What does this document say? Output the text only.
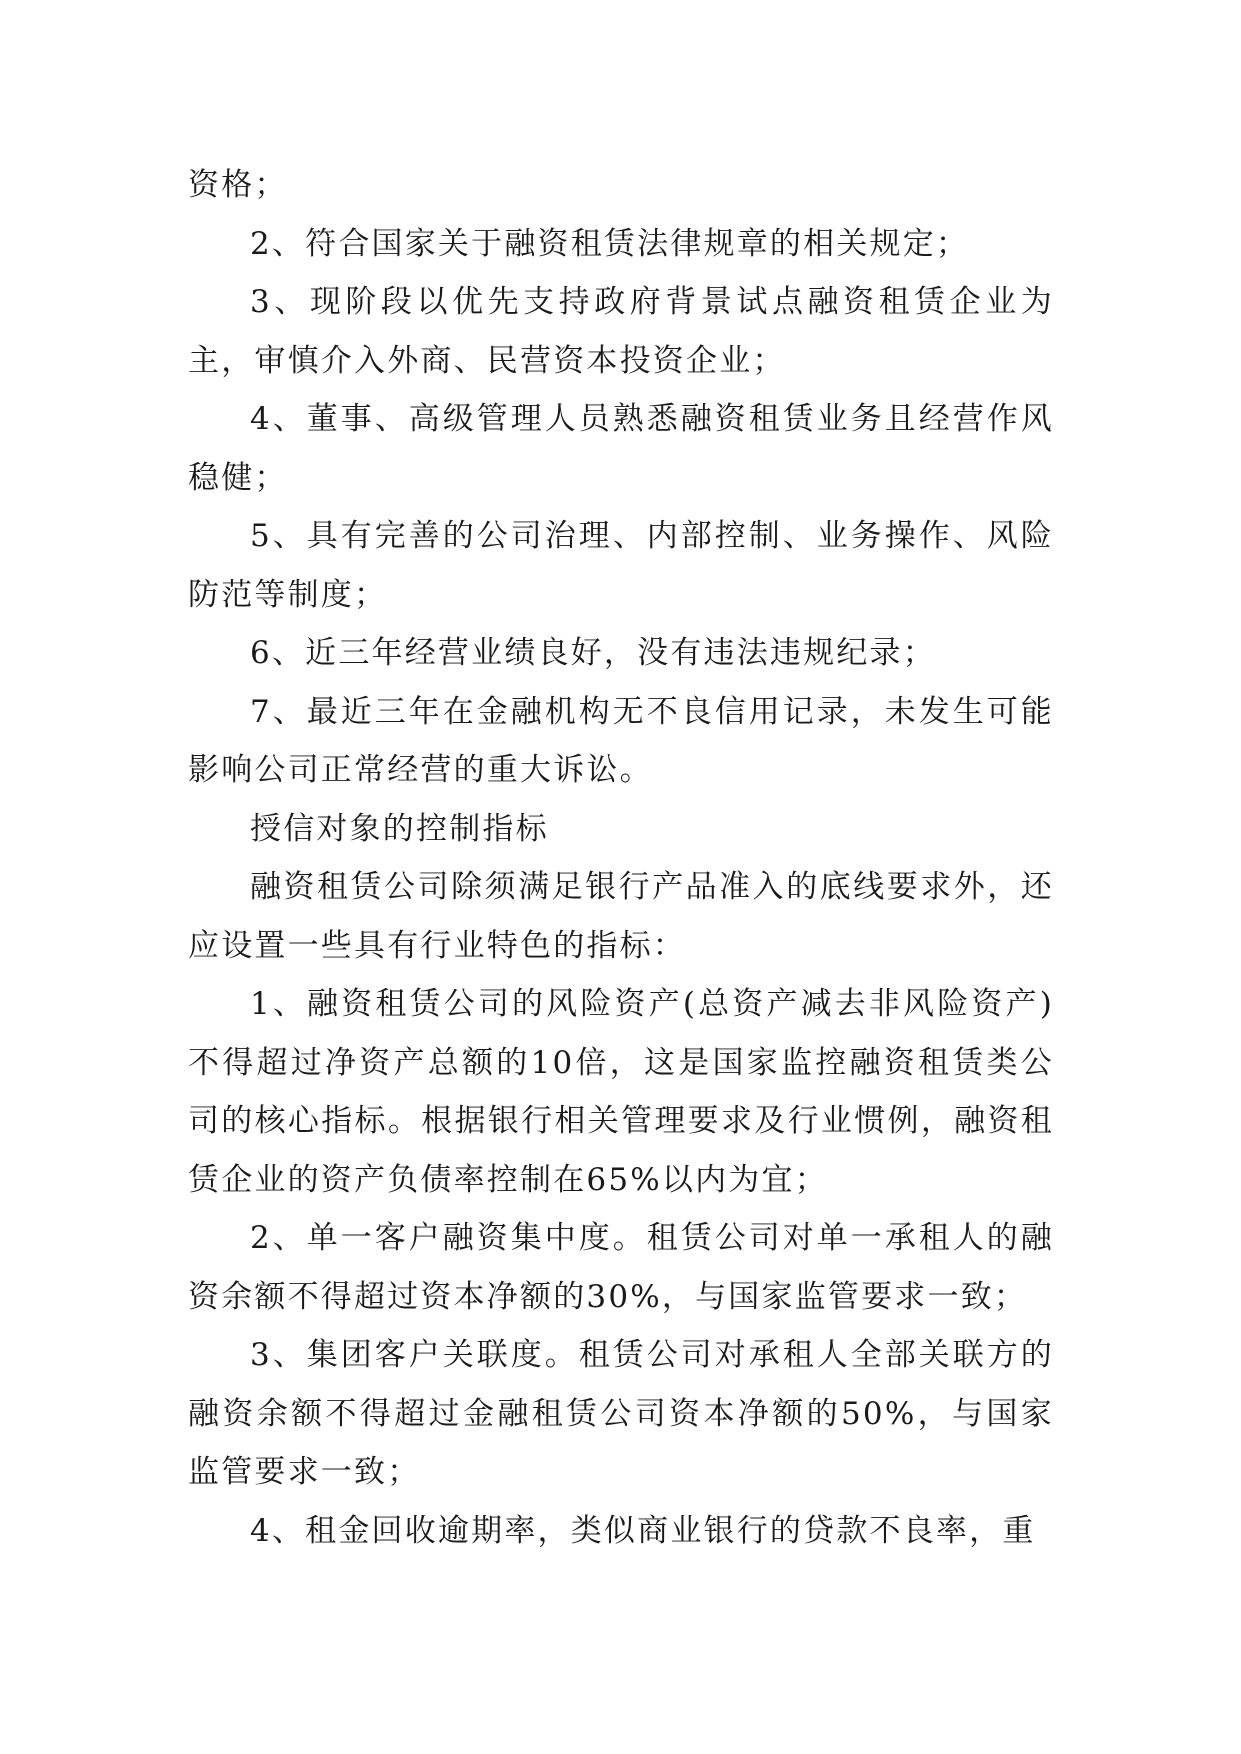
资格；

2、符合国家关于融资租赁法律规章的相关规定；

3、现阶段以优先支持政府背景试点融资租赁企业为主，审慎介入外商、民营资本投资企业；

4、董事、高级管理人员熟悉融资租赁业务且经营作风稳健；

5、具有完善的公司治理、内部控制、业务操作、风险防范等制度；

6、近三年经营业绩良好，没有违法违规纪录；

7、最近三年在金融机构无不良信用记录，未发生可能影响公司正常经营的重大诉讼。

授信对象的控制指标

融资租赁公司除须满足银行产品准入的底线要求外，还应设置一些具有行业特色的指标：

1、融资租赁公司的风险资产(总资产减去非风险资产)不得超过净资产总额的10倍，这是国家监控融资租赁类公司的核心指标。根据银行相关管理要求及行业惯例，融资租赁企业的资产负债率控制在65%以内为宜；

2、单一客户融资集中度。租赁公司对单一承租人的融资余额不得超过资本净额的30%，与国家监管要求一致；

3、集团客户关联度。租赁公司对承租人全部关联方的融资余额不得超过金融租赁公司资本净额的50%，与国家监管要求一致；

4、租金回收逾期率，类似商业银行的贷款不良率，重
